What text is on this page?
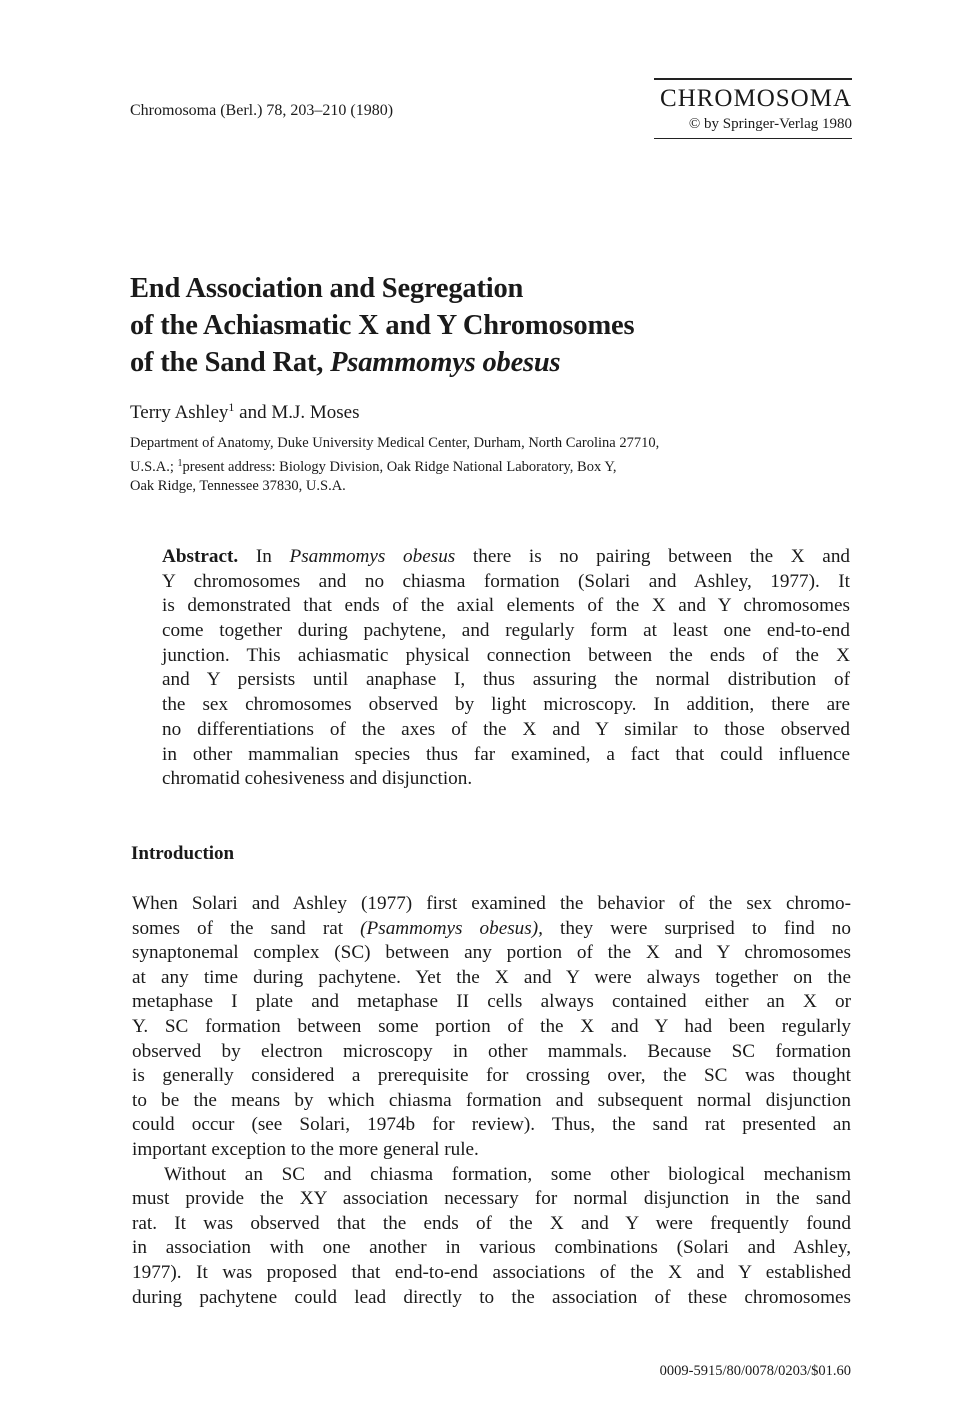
Chromosoma (Berl.) 78, 203–210 (1980)	CHROMOSOMA
© by Springer-Verlag 1980
End Association and Segregation
of the Achiasmatic X and Y Chromosomes
of the Sand Rat, Psammomys obesus
Terry Ashley$^1$ and M.J. Moses
Department of Anatomy, Duke University Medical Center, Durham, North Carolina 27710,
U.S.A.; $^1$present address: Biology Division, Oak Ridge National Laboratory, Box Y,
Oak Ridge, Tennessee 37830, U.S.A.
Abstract. In Psammomys obesus there is no pairing between the X and
Y chromosomes and no chiasma formation (Solari and Ashley, 1977). It
is demonstrated that ends of the axial elements of the X and Y chromosomes
come together during pachytene, and regularly form at least one end-to-end
junction. This achiasmatic physical connection between the ends of the X
and Y persists until anaphase I, thus assuring the normal distribution of
the sex chromosomes observed by light microscopy. In addition, there are
no differentiations of the axes of the X and Y similar to those observed
in other mammalian species thus far examined, a fact that could influence
chromatid cohesiveness and disjunction.
Introduction
When Solari and Ashley (1977) first examined the behavior of the sex chromo-
somes of the sand rat (Psammomys obesus), they were surprised to find no
synaptonemal complex (SC) between any portion of the X and Y chromosomes
at any time during pachytene. Yet the X and Y were always together on the
metaphase I plate and metaphase II cells always contained either an X or
Y. SC formation between some portion of the X and Y had been regularly
observed by electron microscopy in other mammals. Because SC formation
is generally considered a prerequisite for crossing over, the SC was thought
to be the means by which chiasma formation and subsequent normal disjunction
could occur (see Solari, 1974b for review). Thus, the sand rat presented an
important exception to the more general rule.
Without an SC and chiasma formation, some other biological mechanism
must provide the XY association necessary for normal disjunction in the sand
rat. It was observed that the ends of the X and Y were frequently found
in association with one another in various combinations (Solari and Ashley,
1977). It was proposed that end-to-end associations of the X and Y established
during pachytene could lead directly to the association of these chromosomes
0009-5915/80/0078/0203/$01.60
